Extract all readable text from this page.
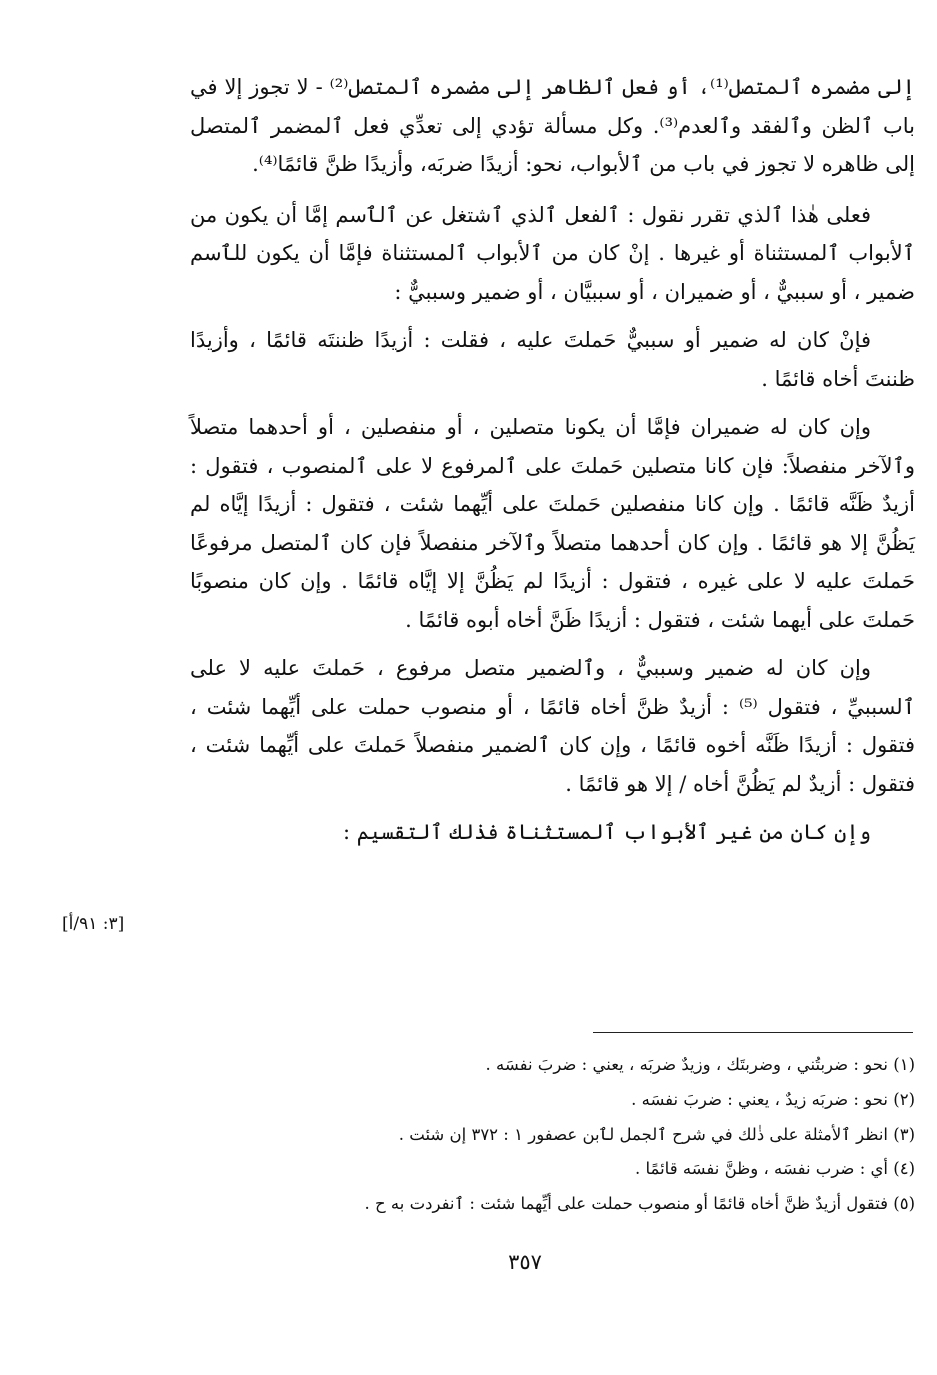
إلى مضمره ٱلمتصل⁽¹⁾، أو فعل ٱلظاهر إلى مضمره ٱلمتصل⁽²⁾ - لا تجوز إلا في باب ٱلظن وٱلفقد وٱلعدم⁽³⁾. وكل مسألة تؤدي إلى تعدِّي فعل ٱلمضمر ٱلمتصل إلى ظاهره لا تجوز في باب من ٱلأبواب، نحو: أزيدًا ضربَه، وأزيدًا ظنَّ قائمًا⁽⁴⁾.

فعلى هٰذا ٱلذي تقرر نقول : ٱلفعل ٱلذي ٱشتغل عن ٱلٱسم إمَّا أن يكون من ٱلأبواب ٱلمستثناة أو غيرها . إنْ كان من ٱلأبواب ٱلمستثناة فإمَّا أن يكون للٱسم ضمير ، أو سببيٌّ ، أو ضميران ، أو سببيَّان ، أو ضمير وسببيٌّ :

فإنْ كان له ضمير أو سببيٌّ حَملتَ عليه ، فقلت : أزيدًا ظننتَه قائمًا ، وأزيدًا ظننتَ أخاه قائمًا .

وإن كان له ضميران فإمَّا أن يكونا متصلين ، أو منفصلين ، أو أحدهما متصلاً وٱلآخر منفصلاً: فإن كانا متصلين حَملتَ على ٱلمرفوع لا على ٱلمنصوب ، فتقول : أزيدٌ ظَنَّه قائمًا . وإن كانا منفصلين حَملتَ على أيِّهما شئت ، فتقول : أزيدًا إيَّاه لم يَظُنَّ إلا هو قائمًا . وإن كان أحدهما متصلاً وٱلآخر منفصلاً فإن كان ٱلمتصل مرفوعًا حَملتَ عليه لا على غيره ، فتقول : أزيدًا لم يَظُنَّ إلا إيَّاه قائمًا . وإن كان منصوبًا حَملتَ على أيهما شئت ، فتقول : أزيدًا ظَنَّ أخاه أبوه قائمًا .

وإن كان له ضمير وسببيٌّ ، وٱلضمير متصل مرفوع ، حَملتَ عليه لا على ٱلسببيِّ ، فتقول ⁽⁵⁾ : أزيدٌ ظنَّ أخاه قائمًا ، أو منصوب حملت على أيِّهما شئت ، فتقول : أزيدًا ظَنَّه أخوه قائمًا ، وإن كان ٱلضمير منفصلاً حَملتَ على أيِّهما شئت ، فتقول : أزيدٌ لم يَظُنَّ أخاه / إلا هو قائمًا .

وإن كان من غير ٱلأبواب ٱلمستثناة فذٰلك ٱلتقسيم :

[٣: ٩١/أ]
(١) نحو : ضربتُني ، وضربتَك ، وزيدٌ ضربَه ، يعني : ضربَ نفسَه .
(٢) نحو : ضربَه زيدٌ ، يعني : ضربَ نفسَه .
(٣) انظر ٱلأمثلة على ذٰلك في شرح ٱلجمل لٱبن عصفور ١ : ٣٧٢ إن شئت .
(٤) أي : ضرب نفسَه ، وظنَّ نفسَه قائمًا .
(٥) فتقول أزيدٌ ظنَّ أخاه قائمًا أو منصوب حملت على أيِّهما شئت : ٱنفردت به ح .
٣٥٧
